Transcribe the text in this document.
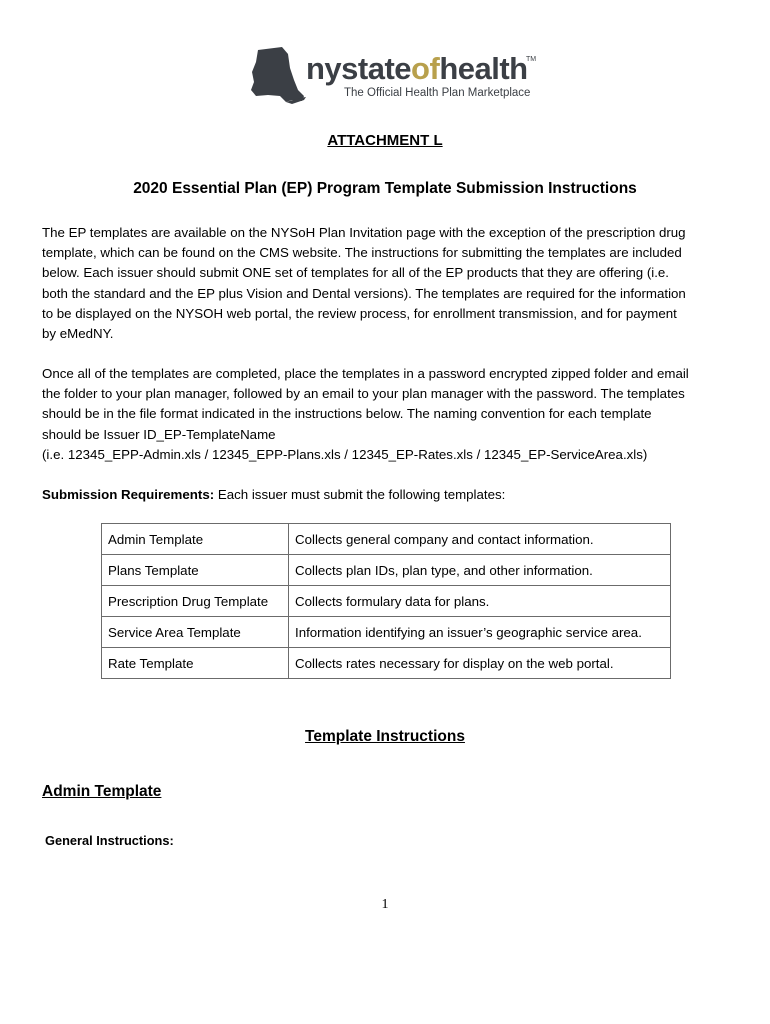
nystateofhealth
TM
The Official Health Plan Marketplace
ATTACHMENT L
2020 Essential Plan (EP) Program Template Submission Instructions
The EP templates are available on the NYSoH Plan Invitation page with the exception of the prescription drug
template, which can be found on the CMS website. The instructions for submitting the templates are included
below. Each issuer should submit ONE set of templates for all of the EP products that they are offering (i.e.
both the standard and the EP plus Vision and Dental versions). The templates are required for the information
to be displayed on the NYSOH web portal, the review process, for enrollment transmission, and for payment
by eMedNY.
Once all of the templates are completed, place the templates in a password encrypted zipped folder and email
the folder to your plan manager, followed by an email to your plan manager with the password. The templates
should be in the file format indicated in the instructions below. The naming convention for each template
should be Issuer ID_EP-TemplateName
(i.e. 12345_EPP-Admin.xls / 12345_EPP-Plans.xls / 12345_EP-Rates.xls / 12345_EP-ServiceArea.xls)
Submission Requirements: Each issuer must submit the following templates:
Admin Template	Collects general company and contact information.
Plans Template	Collects plan IDs, plan type, and other information.
Prescription Drug Template	Collects formulary data for plans.
Service Area Template	Information identifying an issuer’s geographic service area.
Rate Template	Collects rates necessary for display on the web portal.
Template Instructions
Admin Template
General Instructions:
1
